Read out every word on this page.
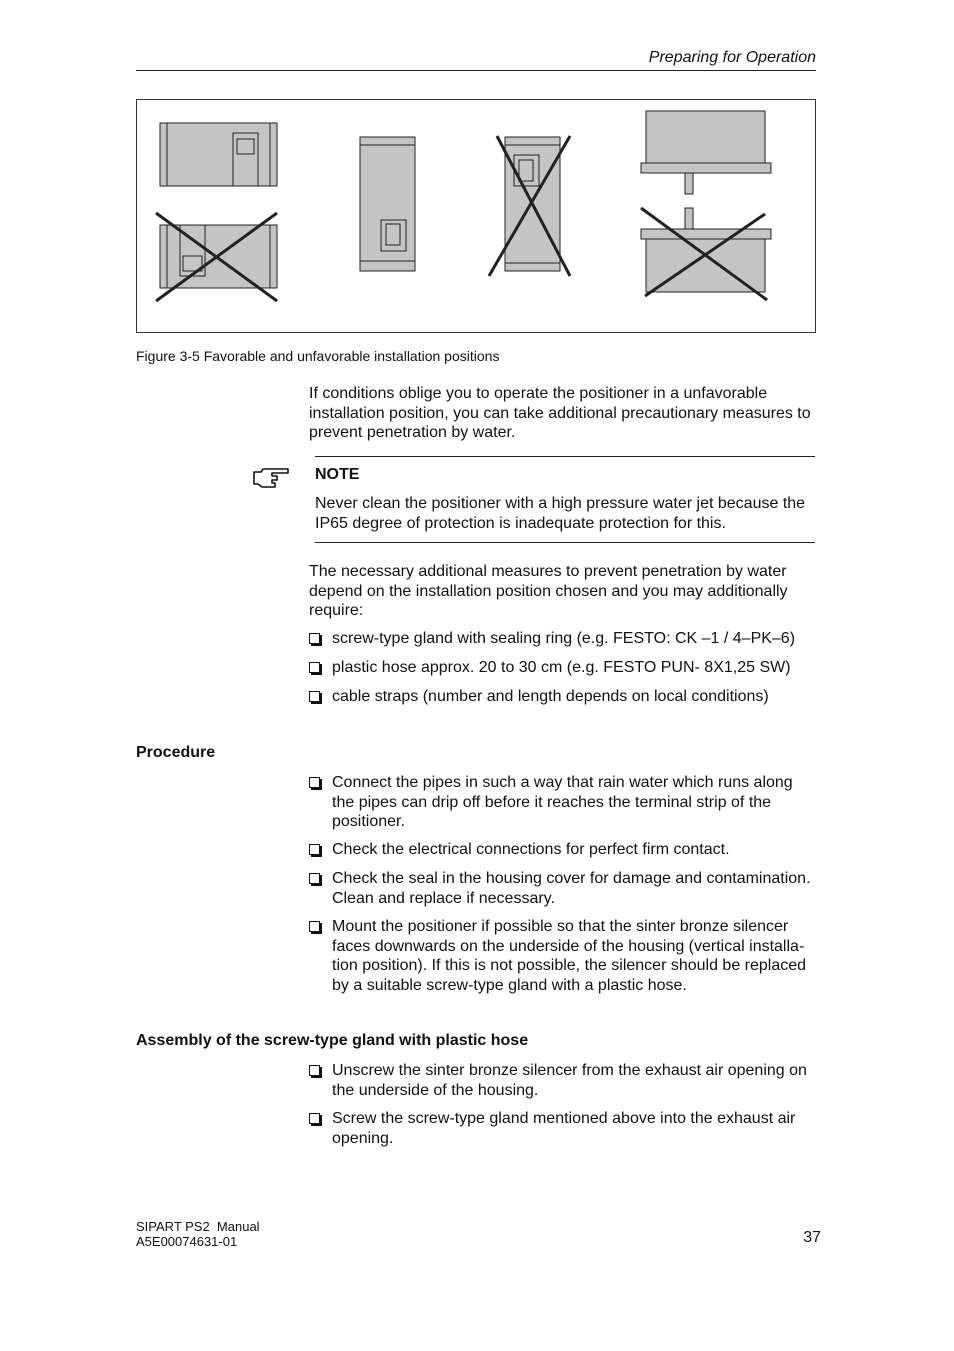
Preparing for Operation
Figure 3-5 Favorable and unfavorable installation positions
If conditions oblige you to operate the positioner in a unfavorable installation position, you can take additional precautionary measures to prevent penetration by water.
NOTE
Never clean the positioner with a high pressure water jet because the IP65 degree of protection is inadequate protection for this.
The necessary additional measures to prevent penetration by water depend on the installation position chosen and you may additionally require:
screw-type gland with sealing ring (e.g. FESTO: CK –1 / 4–PK–6)
plastic hose approx. 20 to 30 cm (e.g. FESTO PUN- 8X1,25 SW)
cable straps (number and length depends on local conditions)
Procedure
Connect the pipes in such a way that rain water which runs along the pipes can drip off before it reaches the terminal strip of the positioner.
Check the electrical connections for perfect firm contact.
Check the seal in the housing cover for damage and contamination. Clean and replace if necessary.
Mount the positioner if possible so that the sinter bronze silencer faces downwards on the underside of the housing (vertical installa-tion position). If this is not possible, the silencer should be replaced by a suitable screw-type gland with a plastic hose.
Assembly of the screw-type gland with plastic hose
Unscrew the sinter bronze silencer from the exhaust air opening on the underside of the housing.
Screw the screw-type gland mentioned above into the exhaust air opening.
SIPART PS2  Manual
A5E00074631-01	37
